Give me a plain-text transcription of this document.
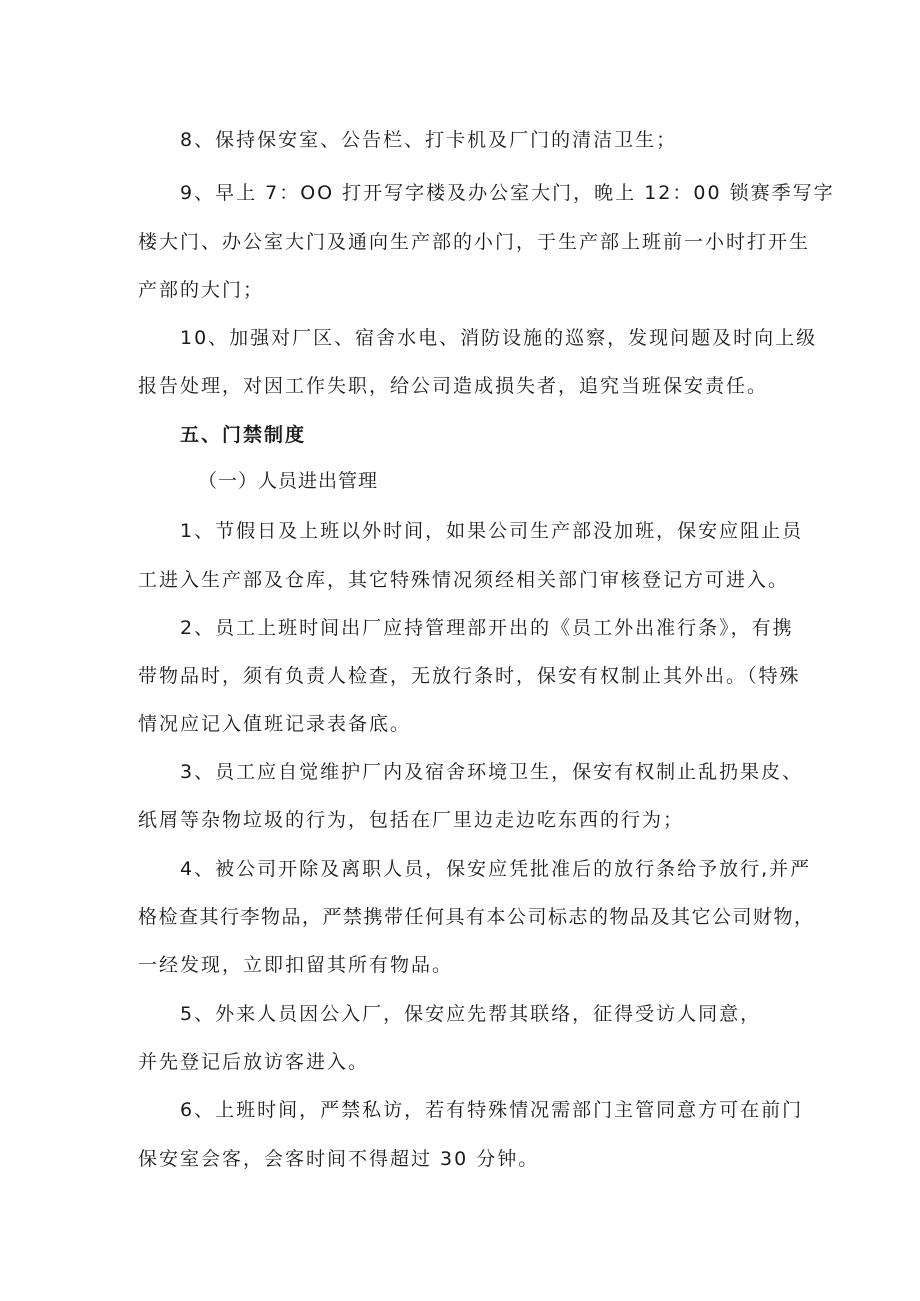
8、保持保安室、公告栏、打卡机及厂门的清洁卫生；
9、早上 7：OO 打开写字楼及办公室大门，晚上 12：00 锁赛季写字
楼大门、办公室大门及通向生产部的小门，于生产部上班前一小时打开生
产部的大门；
10、加强对厂区、宿舍水电、消防设施的巡察，发现问题及时向上级
报告处理，对因工作失职，给公司造成损失者，追究当班保安责任。
五、门禁制度
（一）人员进出管理
1、节假日及上班以外时间，如果公司生产部没加班，保安应阻止员
工进入生产部及仓库，其它特殊情况须经相关部门审核登记方可进入。
2、员工上班时间出厂应持管理部开出的《员工外出准行条》，有携
带物品时，须有负责人检查，无放行条时，保安有权制止其外出。（特殊
情况应记入值班记录表备底。
3、员工应自觉维护厂内及宿舍环境卫生，保安有权制止乱扔果皮、
纸屑等杂物垃圾的行为，包括在厂里边走边吃东西的行为；
4、被公司开除及离职人员，保安应凭批准后的放行条给予放行,并严
格检查其行李物品，严禁携带任何具有本公司标志的物品及其它公司财物，
一经发现，立即扣留其所有物品。
5、外来人员因公入厂，保安应先帮其联络，征得受访人同意，
并先登记后放访客进入。
6、上班时间，严禁私访，若有特殊情况需部门主管同意方可在前门
保安室会客，会客时间不得超过 30 分钟。
